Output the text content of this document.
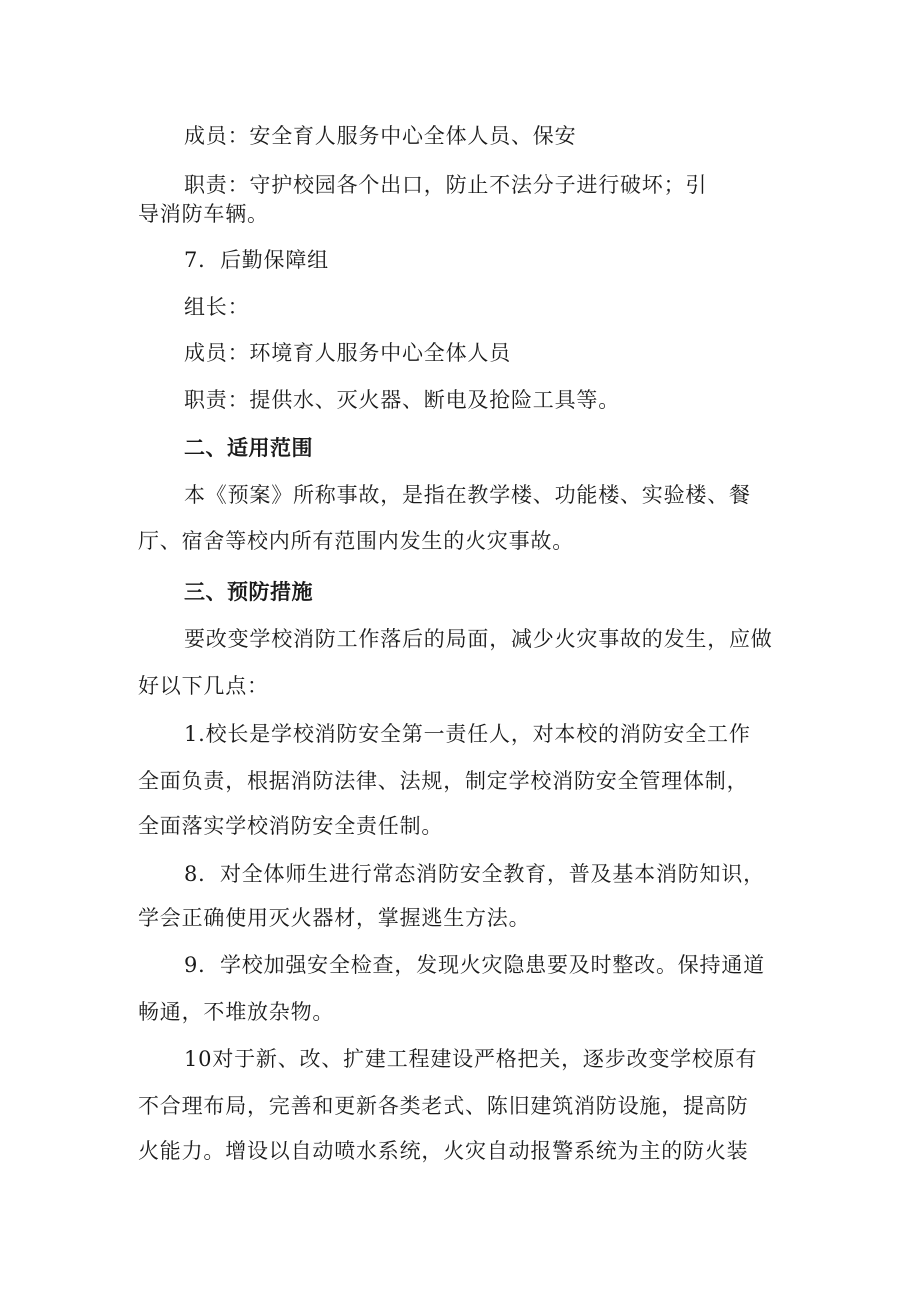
成员：安全育人服务中心全体人员、保安
职责：守护校园各个出口，防止不法分子进行破坏；引
导消防车辆。
7．后勤保障组
组长：
成员：环境育人服务中心全体人员
职责：提供水、灭火器、断电及抢险工具等。
二、适用范围
本《预案》所称事故，是指在教学楼、功能楼、实验楼、餐
厅、宿舍等校内所有范围内发生的火灾事故。
三、预防措施
要改变学校消防工作落后的局面，减少火灾事故的发生，应做
好以下几点：
1.校长是学校消防安全第一责任人，对本校的消防安全工作
全面负责，根据消防法律、法规，制定学校消防安全管理体制，
全面落实学校消防安全责任制。
8．对全体师生进行常态消防安全教育，普及基本消防知识，
学会正确使用灭火器材，掌握逃生方法。
9．学校加强安全检查，发现火灾隐患要及时整改。保持通道
畅通，不堆放杂物。
10对于新、改、扩建工程建设严格把关，逐步改变学校原有
不合理布局，完善和更新各类老式、陈旧建筑消防设施，提高防
火能力。增设以自动喷水系统，火灾自动报警系统为主的防火装
